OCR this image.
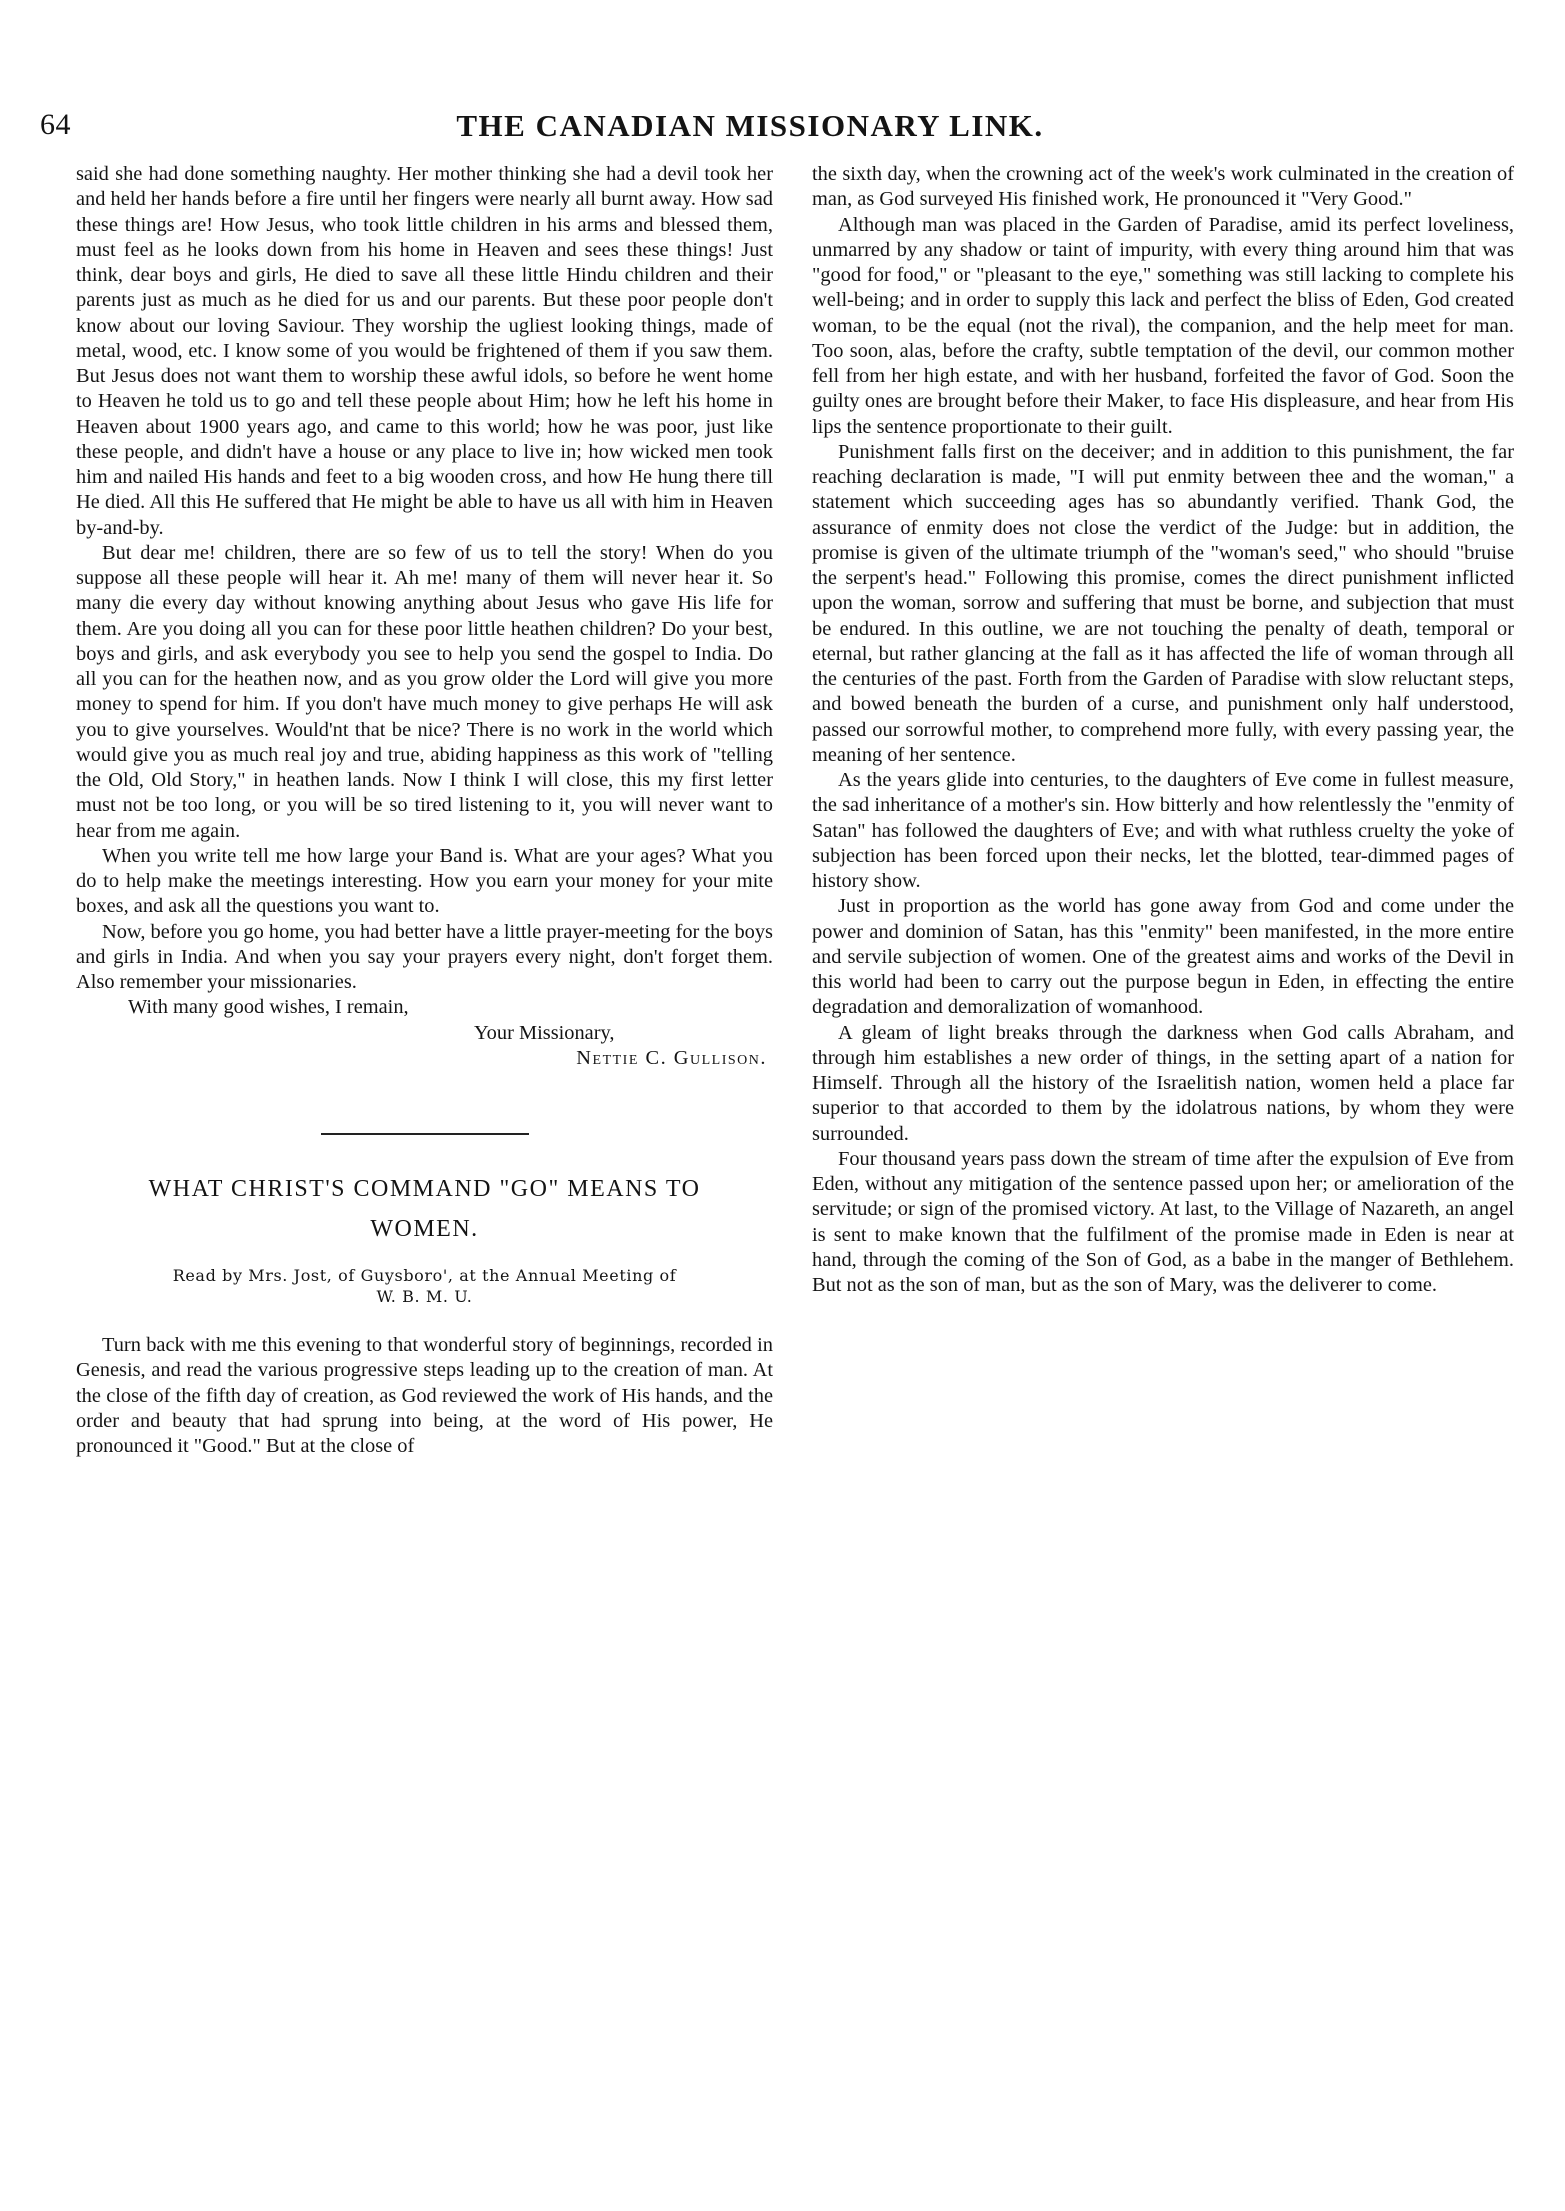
64	THE CANADIAN MISSIONARY LINK.

said she had done something naughty. Her mother thinking she had a devil took her and held her hands before a fire until her fingers were nearly all burnt away. How sad these things are! How Jesus, who took little children in his arms and blessed them, must feel as he looks down from his home in Heaven and sees these things! Just think, dear boys and girls, He died to save all these little Hindu children and their parents just as much as he died for us and our parents. But these poor people don't know about our loving Saviour. They worship the ugliest looking things, made of metal, wood, etc. I know some of you would be frightened of them if you saw them. But Jesus does not want them to worship these awful idols, so before he went home to Heaven he told us to go and tell these people about Him; how he left his home in Heaven about 1900 years ago, and came to this world; how he was poor, just like these people, and didn't have a house or any place to live in; how wicked men took him and nailed His hands and feet to a big wooden cross, and how He hung there till He died. All this He suffered that He might be able to have us all with him in Heaven by-and-by.

But dear me! children, there are so few of us to tell the story! When do you suppose all these people will hear it. Ah me! many of them will never hear it. So many die every day without knowing anything about Jesus who gave His life for them. Are you doing all you can for these poor little heathen children? Do your best, boys and girls, and ask everybody you see to help you send the gospel to India. Do all you can for the heathen now, and as you grow older the Lord will give you more money to spend for him. If you don't have much money to give perhaps He will ask you to give yourselves. Would'nt that be nice? There is no work in the world which would give you as much real joy and true, abiding happiness as this work of "telling the Old, Old Story," in heathen lands. Now I think I will close, this my first letter must not be too long, or you will be so tired listening to it, you will never want to hear from me again.

When you write tell me how large your Band is. What are your ages? What you do to help make the meetings interesting. How you earn your money for your mite boxes, and ask all the questions you want to.

Now, before you go home, you had better have a little prayer-meeting for the boys and girls in India. And when you say your prayers every night, don't forget them. Also remember your missionaries.

With many good wishes, I remain,

Your Missionary,

Nettie C. Gullison.

WHAT CHRIST'S COMMAND "GO" MEANS TO
WOMEN.
Read by Mrs. Jost, of Guysboro', at the Annual Meeting of
W. B. M. U.

Turn back with me this evening to that wonderful story of beginnings, recorded in Genesis, and read the various progressive steps leading up to the creation of man. At the close of the fifth day of creation, as God reviewed the work of His hands, and the order and beauty that had sprung into being, at the word of His power, He pronounced it "Good." But at the close of

the sixth day, when the crowning act of the week's work culminated in the creation of man, as God surveyed His finished work, He pronounced it "Very Good."

Although man was placed in the Garden of Paradise, amid its perfect loveliness, unmarred by any shadow or taint of impurity, with every thing around him that was "good for food," or "pleasant to the eye," something was still lacking to complete his well-being; and in order to supply this lack and perfect the bliss of Eden, God created woman, to be the equal (not the rival), the companion, and the help meet for man. Too soon, alas, before the crafty, subtle temptation of the devil, our common mother fell from her high estate, and with her husband, forfeited the favor of God. Soon the guilty ones are brought before their Maker, to face His displeasure, and hear from His lips the sentence proportionate to their guilt.

Punishment falls first on the deceiver; and in addition to this punishment, the far reaching declaration is made, "I will put enmity between thee and the woman," a statement which succeeding ages has so abundantly verified. Thank God, the assurance of enmity does not close the verdict of the Judge: but in addition, the promise is given of the ultimate triumph of the "woman's seed," who should "bruise the serpent's head." Following this promise, comes the direct punishment inflicted upon the woman, sorrow and suffering that must be borne, and subjection that must be endured. In this outline, we are not touching the penalty of death, temporal or eternal, but rather glancing at the fall as it has affected the life of woman through all the centuries of the past. Forth from the Garden of Paradise with slow reluctant steps, and bowed beneath the burden of a curse, and punishment only half understood, passed our sorrowful mother, to comprehend more fully, with every passing year, the meaning of her sentence.

As the years glide into centuries, to the daughters of Eve come in fullest measure, the sad inheritance of a mother's sin. How bitterly and how relentlessly the "enmity of Satan" has followed the daughters of Eve; and with what ruthless cruelty the yoke of subjection has been forced upon their necks, let the blotted, tear-dimmed pages of history show.

Just in proportion as the world has gone away from God and come under the power and dominion of Satan, has this "enmity" been manifested, in the more entire and servile subjection of women. One of the greatest aims and works of the Devil in this world had been to carry out the purpose begun in Eden, in effecting the entire degradation and demoralization of womanhood.

A gleam of light breaks through the darkness when God calls Abraham, and through him establishes a new order of things, in the setting apart of a nation for Himself. Through all the history of the Israelitish nation, women held a place far superior to that accorded to them by the idolatrous nations, by whom they were surrounded.

Four thousand years pass down the stream of time after the expulsion of Eve from Eden, without any mitigation of the sentence passed upon her; or amelioration of the servitude; or sign of the promised victory. At last, to the Village of Nazareth, an angel is sent to make known that the fulfilment of the promise made in Eden is near at hand, through the coming of the Son of God, as a babe in the manger of Bethlehem. But not as the son of man, but as the son of Mary, was the deliverer to come.
